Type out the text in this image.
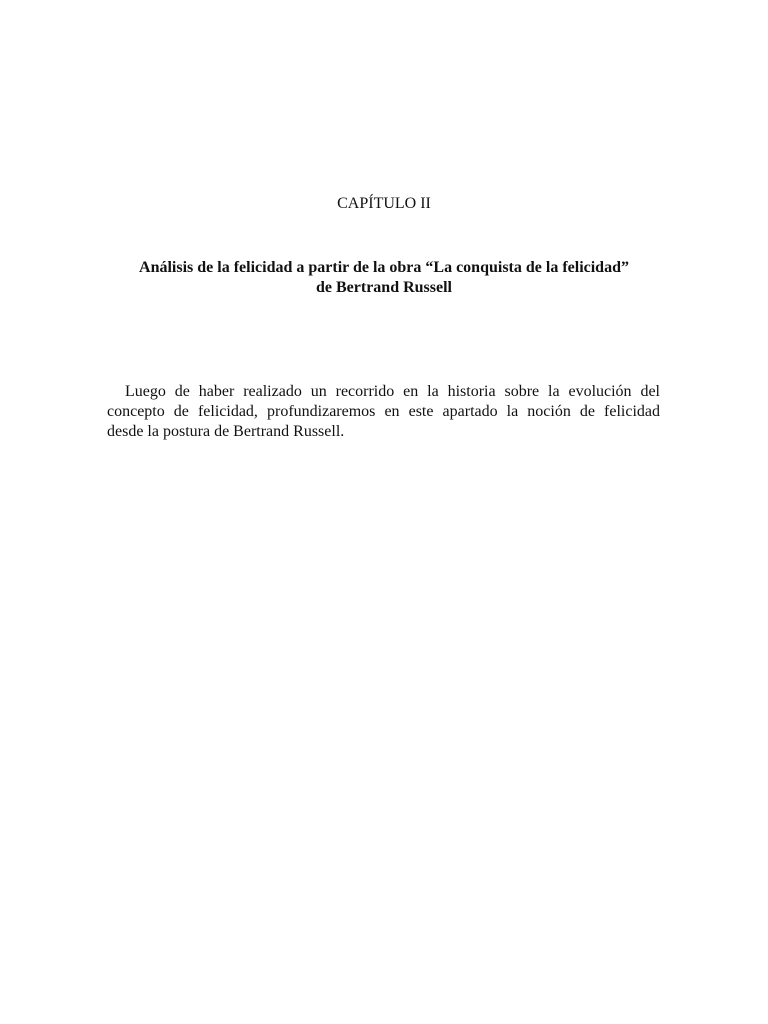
CAPÍTULO II
Análisis de la felicidad a partir de la obra “La conquista de la felicidad”
de Bertrand Russell

Luego de haber realizado un recorrido en la historia sobre la evolución del
concepto de felicidad, profundizaremos en este apartado la noción de felicidad
desde la postura de Bertrand Russell.
